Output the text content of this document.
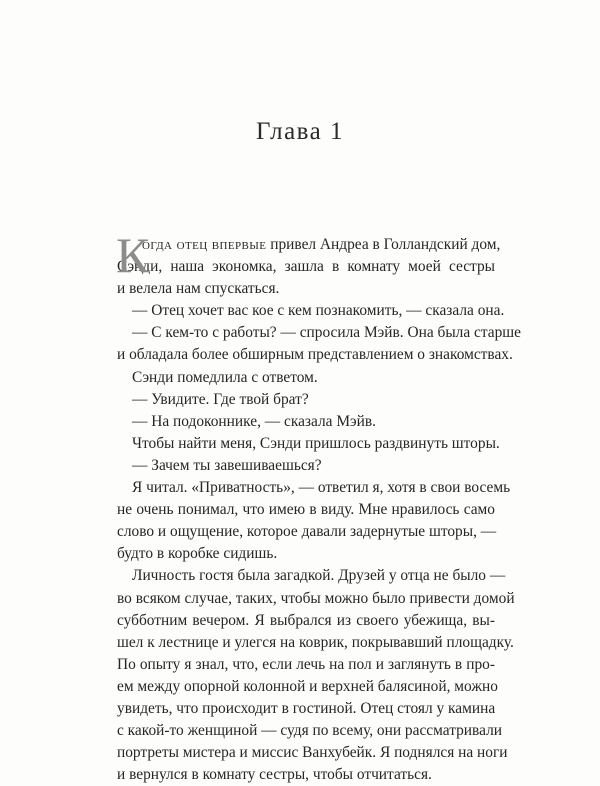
Глава 1
К
огда отец впервые привел Андреа в Голландский дом,
Сэнди, наша экономка, зашла в комнату моей сестры
и велела нам спускаться.
— Отец хочет вас кое с кем познакомить, — сказала она.
— С кем-то с работы? — спросила Мэйв. Она была старше
и обладала более обширным представлением о знакомствах.
Сэнди помедлила с ответом.
— Увидите. Где твой брат?
— На подоконнике, — сказала Мэйв.
Чтобы найти меня, Сэнди пришлось раздвинуть шторы.
— Зачем ты завешиваешься?
Я читал. «Приватность», — ответил я, хотя в свои восемь
не очень понимал, что имею в виду. Мне нравилось само
слово и ощущение, которое давали задернутые шторы, —
будто в коробке сидишь.
Личность гостя была загадкой. Друзей у отца не было —
во всяком случае, таких, чтобы можно было привести домой
субботним вечером. Я выбрался из своего убежища, вы-
шел к лестнице и улегся на коврик, покрывавший площадку.
По опыту я знал, что, если лечь на пол и заглянуть в про-
ем между опорной колонной и верхней балясиной, можно
увидеть, что происходит в гостиной. Отец стоял у камина
с какой-то женщиной — судя по всему, они рассматривали
портреты мистера и миссис Ванхубейк. Я поднялся на ноги
и вернулся в комнату сестры, чтобы отчитаться.
